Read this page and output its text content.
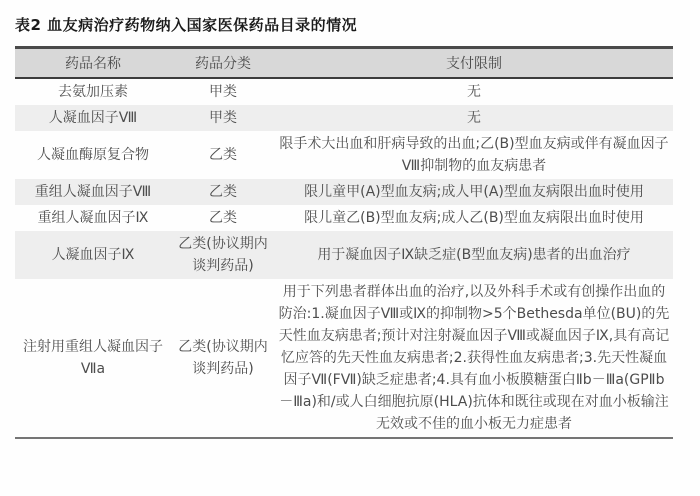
表2 血友病治疗药物纳入国家医保药品目录的情况
药品名称	药品分类	支付限制
去氨加压素	甲类	无
人凝血因子Ⅷ	甲类	无
人凝血酶原复合物	乙类	限手术大出血和肝病导致的出血;乙(B)型血友病或伴有凝血因子Ⅷ抑制物的血友病患者
重组人凝血因子Ⅷ	乙类	限儿童甲(A)型血友病;成人甲(A)型血友病限出血时使用
重组人凝血因子Ⅸ	乙类	限儿童乙(B)型血友病;成人乙(B)型血友病限出血时使用
人凝血因子Ⅸ	乙类(协议期内谈判药品)	用于凝血因子Ⅸ缺乏症(B型血友病)患者的出血治疗
注射用重组人凝血因子Ⅶa	乙类(协议期内谈判药品)	用于下列患者群体出血的治疗,以及外科手术或有创操作出血的防治:1.凝血因子Ⅷ或Ⅸ的抑制物>5个Bethesda单位(BU)的先天性血友病患者;预计对注射凝血因子Ⅷ或凝血因子Ⅸ,具有高记忆应答的先天性血友病患者;2.获得性血友病患者;3.先天性凝血因子Ⅶ(FⅦ)缺乏症患者;4.具有血小板膜糖蛋白Ⅱb－Ⅲa(GPⅡb－Ⅲa)和/或人白细胞抗原(HLA)抗体和既往或现在对血小板输注无效或不佳的血小板无力症患者
